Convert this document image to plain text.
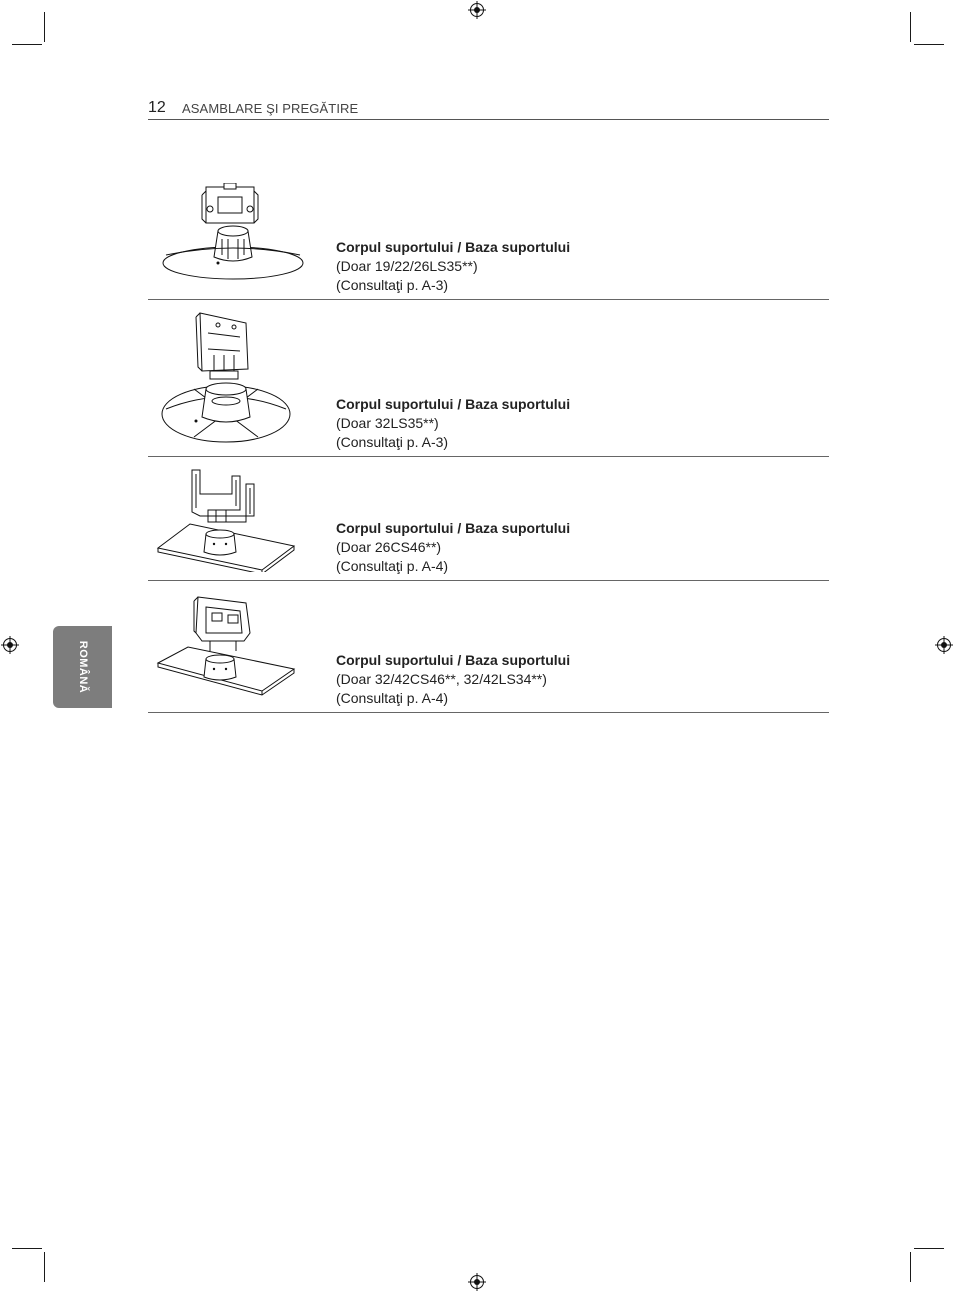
12 ASAMBLARE ŞI PREGĂTIRE
ROMÂNĂ
Corpul suportului / Baza suportului
(Doar 19/22/26LS35**)
(Consultaţi p. A-3)
Corpul suportului / Baza suportului
(Doar 32LS35**)
(Consultaţi p. A-3)
Corpul suportului / Baza suportului
(Doar 26CS46**)
(Consultaţi p. A-4)
Corpul suportului / Baza suportului
(Doar 32/42CS46**, 32/42LS34**)
(Consultaţi p. A-4)
